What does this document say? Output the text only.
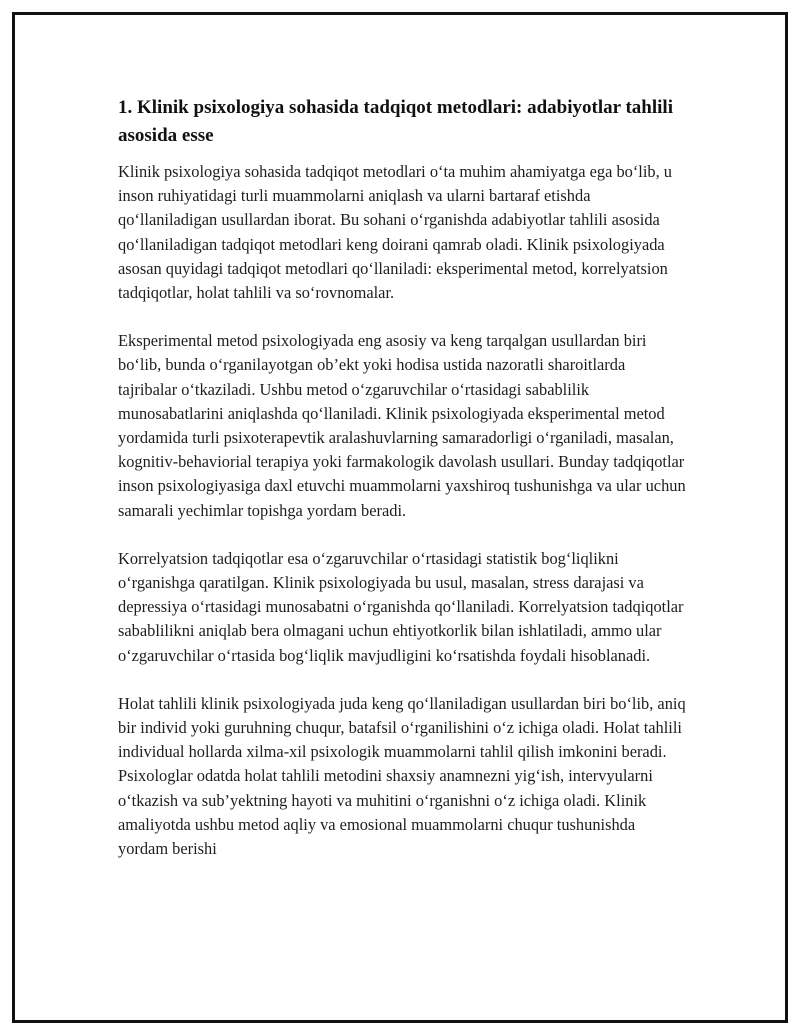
1. Klinik psixologiya sohasida tadqiqot metodlari: adabiyotlar tahlili asosida esse

Klinik psixologiya sohasida tadqiqot metodlari o‘ta muhim ahamiyatga ega bo‘lib, u inson ruhiyatidagi turli muammolarni aniqlash va ularni bartaraf etishda qo‘llaniladigan usullardan iborat. Bu sohani o‘rganishda adabiyotlar tahlili asosida qo‘llaniladigan tadqiqot metodlari keng doirani qamrab oladi. Klinik psixologiyada asosan quyidagi tadqiqot metodlari qo‘llaniladi: eksperimental metod, korrelyatsion tadqiqotlar, holat tahlili va so‘rovnomalar.

Eksperimental metod psixologiyada eng asosiy va keng tarqalgan usullardan biri bo‘lib, bunda o‘rganilayotgan ob’ekt yoki hodisa ustida nazoratli sharoitlarda tajribalar o‘tkaziladi. Ushbu metod o‘zgaruvchilar o‘rtasidagi sabablilik munosabatlarini aniqlashda qo‘llaniladi. Klinik psixologiyada eksperimental metod yordamida turli psixoterapevtik aralashuvlarning samaradorligi o‘rganiladi, masalan, kognitiv-behaviorial terapiya yoki farmakologik davolash usullari. Bunday tadqiqotlar inson psixologiyasiga daxl etuvchi muammolarni yaxshiroq tushunishga va ular uchun samarali yechimlar topishga yordam beradi.

Korrelyatsion tadqiqotlar esa o‘zgaruvchilar o‘rtasidagi statistik bog‘liqlikni o‘rganishga qaratilgan. Klinik psixologiyada bu usul, masalan, stress darajasi va depressiya o‘rtasidagi munosabatni o‘rganishda qo‘llaniladi. Korrelyatsion tadqiqotlar sabablilikni aniqlab bera olmagani uchun ehtiyotkorlik bilan ishlatiladi, ammo ular o‘zgaruvchilar o‘rtasida bog‘liqlik mavjudligini ko‘rsatishda foydali hisoblanadi.

Holat tahlili klinik psixologiyada juda keng qo‘llaniladigan usullardan biri bo‘lib, aniq bir individ yoki guruhning chuqur, batafsil o‘rganilishini o‘z ichiga oladi. Holat tahlili individual hollarda xilma-xil psixologik muammolarni tahlil qilish imkonini beradi. Psixologlar odatda holat tahlili metodini shaxsiy anamnezni yig‘ish, intervyularni o‘tkazish va sub’yektning hayoti va muhitini o‘rganishni o‘z ichiga oladi. Klinik amaliyotda ushbu metod aqliy va emosional muammolarni chuqur tushunishda yordam berishi
